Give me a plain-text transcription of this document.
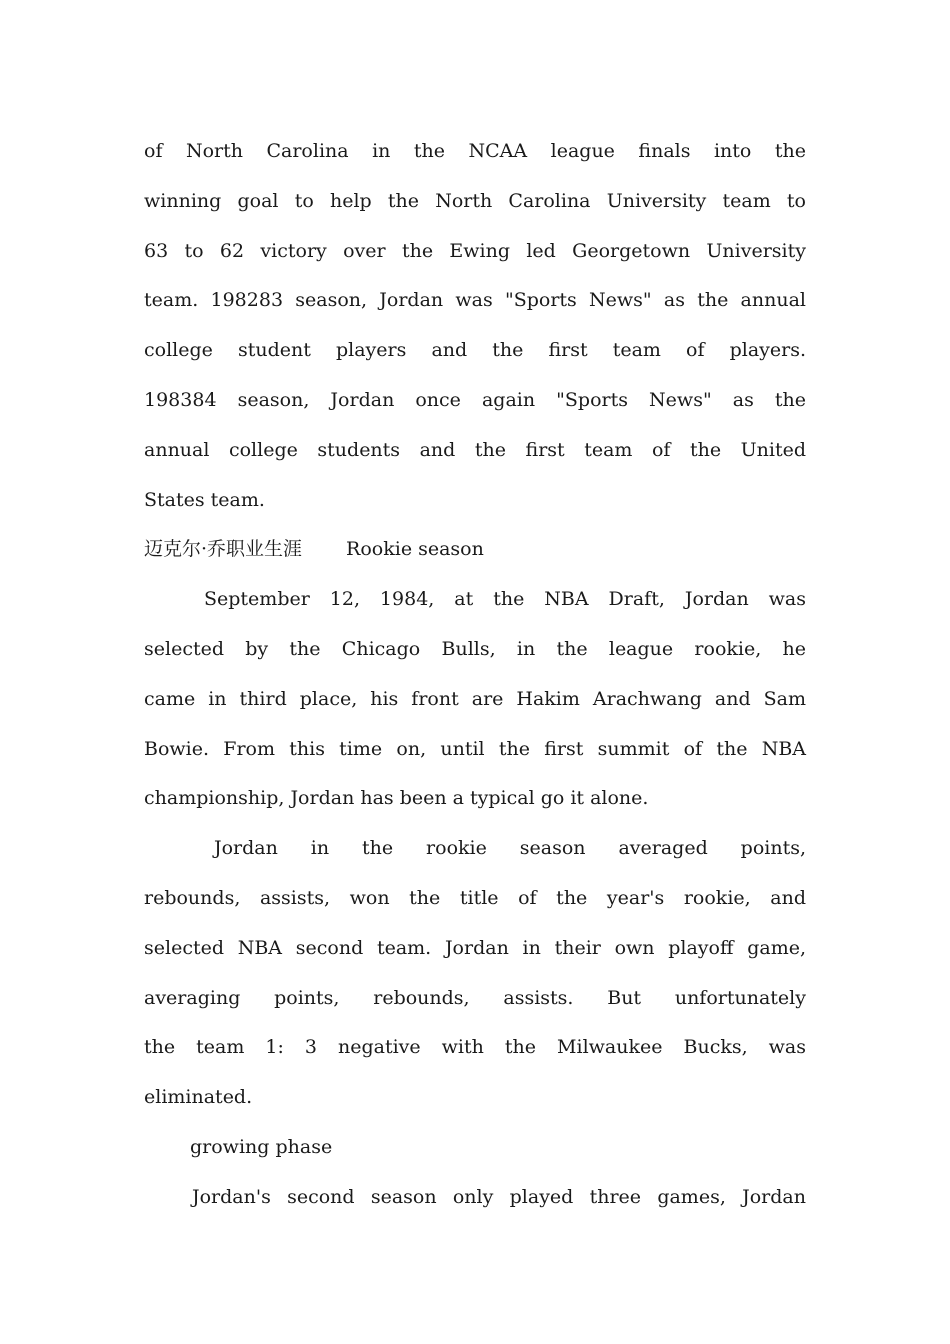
of North Carolina in the NCAA league finals into the
winning goal to help the North Carolina University team to
63 to 62 victory over the Ewing led Georgetown University
team. 198283 season, Jordan was "Sports News" as the annual
college student players and the first team of players.
198384 season, Jordan once again "Sports News" as the
annual college students and the first team of the United
States team.
迈克尔·乔职业生涯 Rookie season
September 12, 1984, at the NBA Draft, Jordan was
selected by the Chicago Bulls, in the league rookie, he
came in third place, his front are Hakim Arachwang and Sam
Bowie. From this time on, until the first summit of the NBA
championship, Jordan has been a typical go it alone.
Jordan in the rookie season averaged points,
rebounds, assists, won the title of the year's rookie, and
selected NBA second team. Jordan in their own playoff game,
averaging points, rebounds, assists. But unfortunately
the team 1: 3 negative with the Milwaukee Bucks, was
eliminated.
growing phase
Jordan's second season only played three games, Jordan
